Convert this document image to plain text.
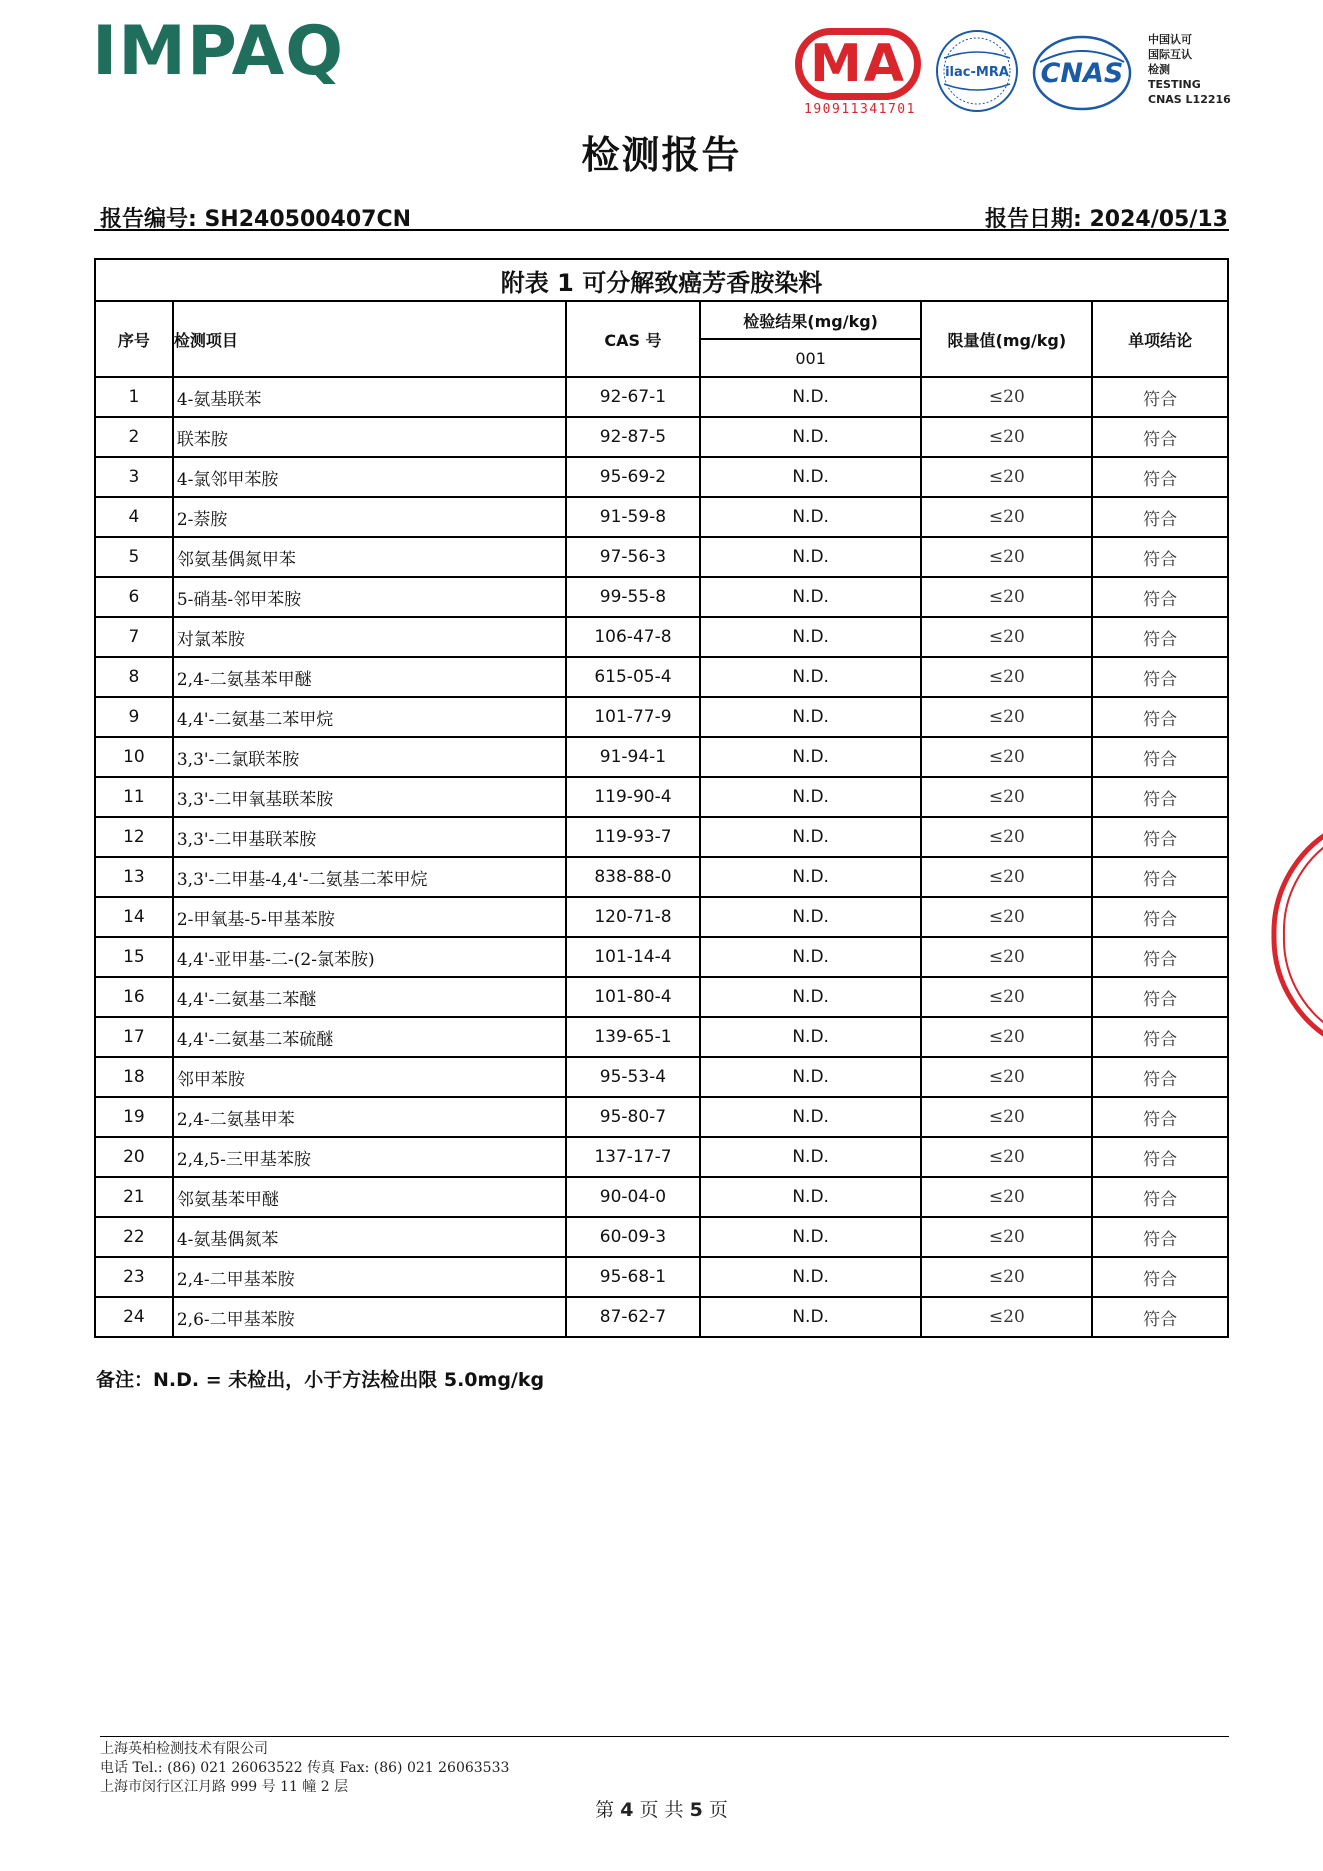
IMPAQ	MA
190911341701
ilac-MRA CNAS
中国认可
国际互认
检测
TESTING
CNAS L12216
检测报告
报告编号: SH240500407CN	报告日期: 2024/05/13
附表 1 可分解致癌芳香胺染料					
序号	检测项目	CAS 号	检验结果(mg/kg)	限量值(mg/kg)	单项结论
			001		
1	4-氨基联苯	92-67-1	N.D.	≤20	符合
2	联苯胺	92-87-5	N.D.	≤20	符合
3	4-氯邻甲苯胺	95-69-2	N.D.	≤20	符合
4	2-萘胺	91-59-8	N.D.	≤20	符合
5	邻氨基偶氮甲苯	97-56-3	N.D.	≤20	符合
6	5-硝基-邻甲苯胺	99-55-8	N.D.	≤20	符合
7	对氯苯胺	106-47-8	N.D.	≤20	符合
8	2,4-二氨基苯甲醚	615-05-4	N.D.	≤20	符合
9	4,4'-二氨基二苯甲烷	101-77-9	N.D.	≤20	符合
10	3,3'-二氯联苯胺	91-94-1	N.D.	≤20	符合
11	3,3'-二甲氧基联苯胺	119-90-4	N.D.	≤20	符合
12	3,3'-二甲基联苯胺	119-93-7	N.D.	≤20	符合
13	3,3'-二甲基-4,4'-二氨基二苯甲烷	838-88-0	N.D.	≤20	符合
14	2-甲氧基-5-甲基苯胺	120-71-8	N.D.	≤20	符合
15	4,4'-亚甲基-二-(2-氯苯胺)	101-14-4	N.D.	≤20	符合
16	4,4'-二氨基二苯醚	101-80-4	N.D.	≤20	符合
17	4,4'-二氨基二苯硫醚	139-65-1	N.D.	≤20	符合
18	邻甲苯胺	95-53-4	N.D.	≤20	符合
19	2,4-二氨基甲苯	95-80-7	N.D.	≤20	符合
20	2,4,5-三甲基苯胺	137-17-7	N.D.	≤20	符合
21	邻氨基苯甲醚	90-04-0	N.D.	≤20	符合
22	4-氨基偶氮苯	60-09-3	N.D.	≤20	符合
23	2,4-二甲基苯胺	95-68-1	N.D.	≤20	符合
24	2,6-二甲基苯胺	87-62-7	N.D.	≤20	符合
备注：N.D. = 未检出，小于方法检出限 5.0mg/kg
上海英柏检测技术有限公司
电话 Tel.: (86) 021 26063522 传真 Fax: (86) 021 26063533
上海市闵行区江月路 999 号 11 幢 2 层
第 4 页 共 5 页
